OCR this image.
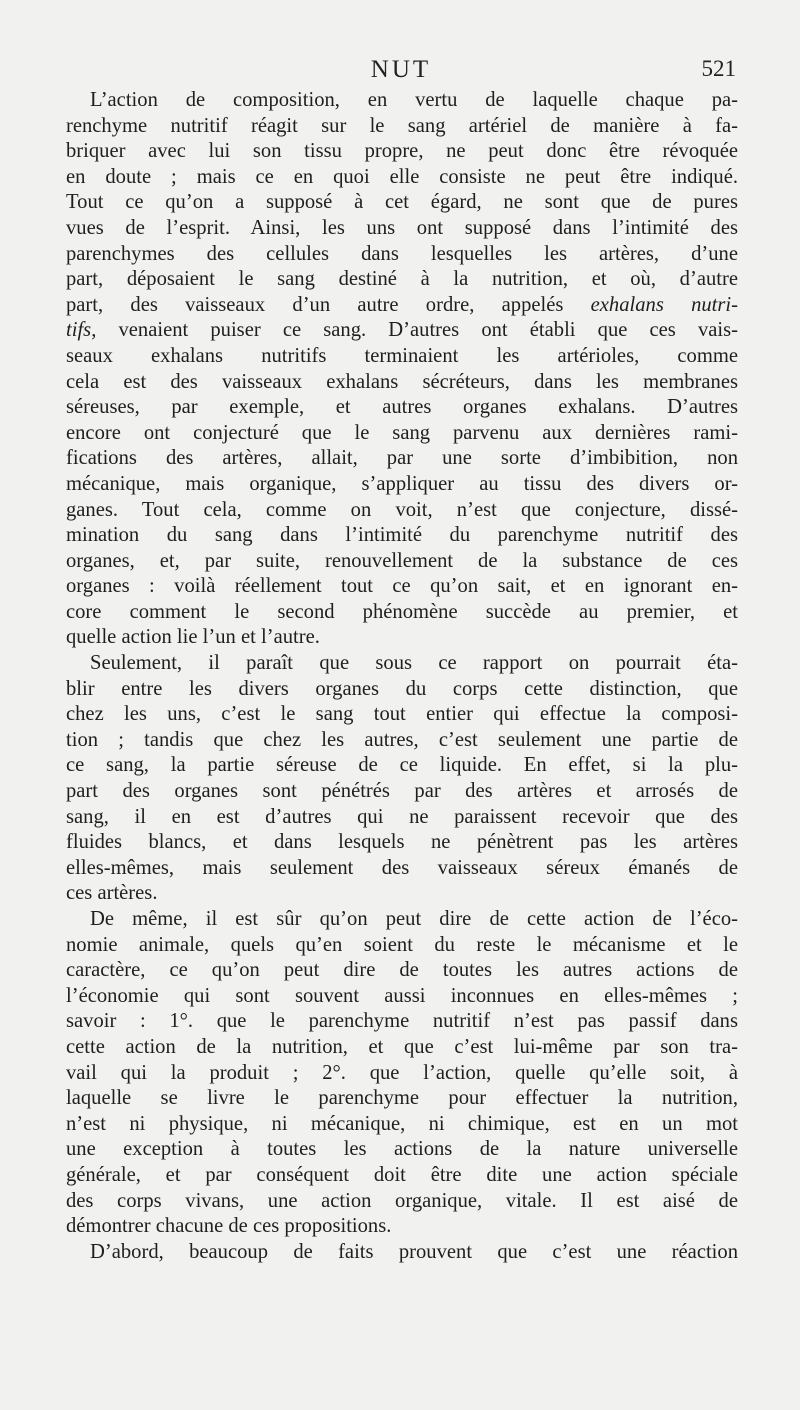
NUT	521
L’action de composition, en vertu de laquelle chaque pa-
renchyme nutritif réagit sur le sang artériel de manière à fa-
briquer avec lui son tissu propre, ne peut donc être révoquée
en doute ; mais ce en quoi elle consiste ne peut être indiqué.
Tout ce qu’on a supposé à cet égard, ne sont que de pures
vues de l’esprit. Ainsi, les uns ont supposé dans l’intimité des
parenchymes des cellules dans lesquelles les artères, d’une
part, déposaient le sang destiné à la nutrition, et où, d’autre
part, des vaisseaux d’un autre ordre, appelés exhalans nutri-
tifs, venaient puiser ce sang. D’autres ont établi que ces vais-
seaux exhalans nutritifs terminaient les artérioles, comme
cela est des vaisseaux exhalans sécréteurs, dans les membranes
séreuses, par exemple, et autres organes exhalans. D’autres
encore ont conjecturé que le sang parvenu aux dernières rami-
fications des artères, allait, par une sorte d’imbibition, non
mécanique, mais organique, s’appliquer au tissu des divers or-
ganes. Tout cela, comme on voit, n’est que conjecture, dissé-
mination du sang dans l’intimité du parenchyme nutritif des
organes, et, par suite, renouvellement de la substance de ces
organes : voilà réellement tout ce qu’on sait, et en ignorant en-
core comment le second phénomène succède au premier, et
quelle action lie l’un et l’autre.
Seulement, il paraît que sous ce rapport on pourrait éta-
blir entre les divers organes du corps cette distinction, que
chez les uns, c’est le sang tout entier qui effectue la composi-
tion ; tandis que chez les autres, c’est seulement une partie de
ce sang, la partie séreuse de ce liquide. En effet, si la plu-
part des organes sont pénétrés par des artères et arrosés de
sang, il en est d’autres qui ne paraissent recevoir que des
fluides blancs, et dans lesquels ne pénètrent pas les artères
elles-mêmes, mais seulement des vaisseaux séreux émanés de
ces artères.
De même, il est sûr qu’on peut dire de cette action de l’éco-
nomie animale, quels qu’en soient du reste le mécanisme et le
caractère, ce qu’on peut dire de toutes les autres actions de
l’économie qui sont souvent aussi inconnues en elles-mêmes ;
savoir : 1°. que le parenchyme nutritif n’est pas passif dans
cette action de la nutrition, et que c’est lui-même par son tra-
vail qui la produit ; 2°. que l’action, quelle qu’elle soit, à
laquelle se livre le parenchyme pour effectuer la nutrition,
n’est ni physique, ni mécanique, ni chimique, est en un mot
une exception à toutes les actions de la nature universelle
générale, et par conséquent doit être dite une action spéciale
des corps vivans, une action organique, vitale. Il est aisé de
démontrer chacune de ces propositions.
D’abord, beaucoup de faits prouvent que c’est une réaction
